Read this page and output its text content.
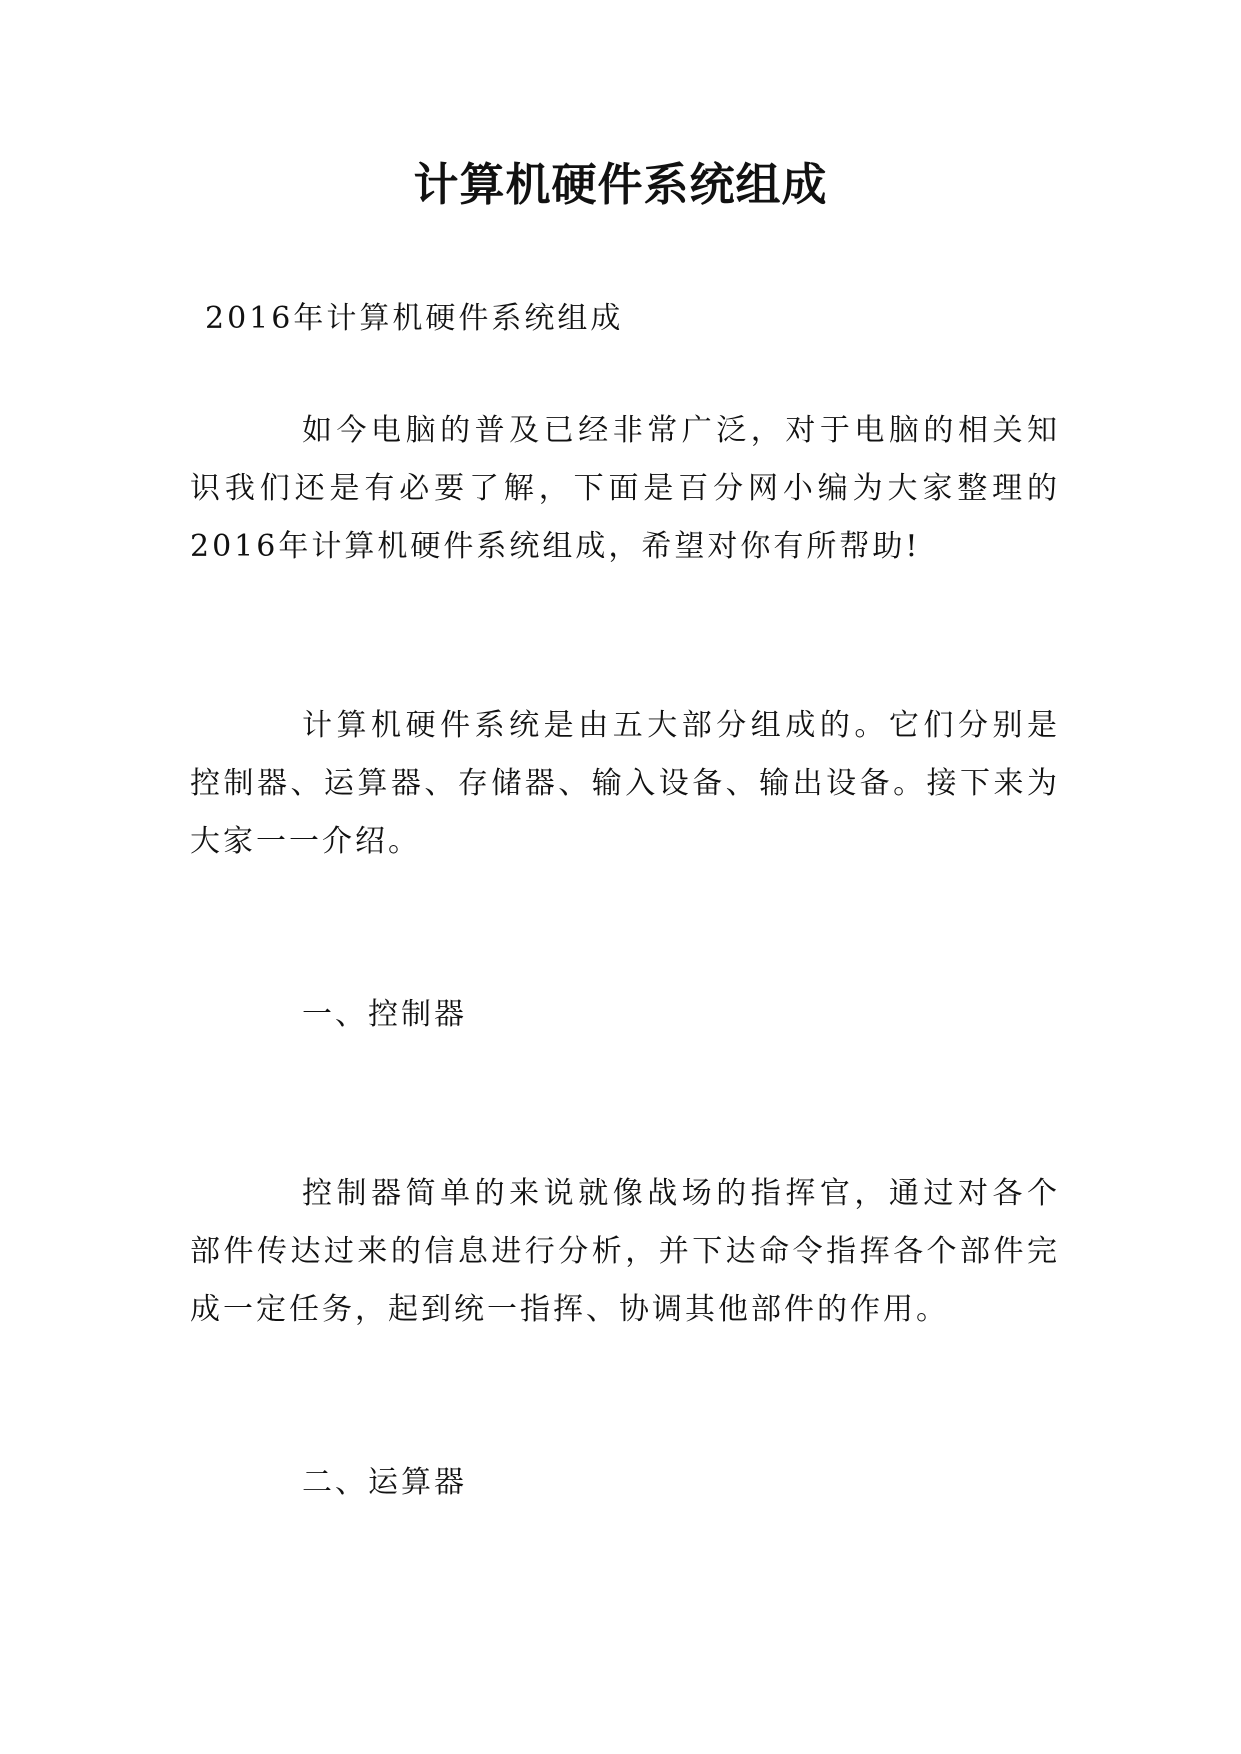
计算机硬件系统组成
2016年计算机硬件系统组成

如今电脑的普及已经非常广泛，对于电脑的相关知识我们还是有必要了解，下面是百分网小编为大家整理的2016年计算机硬件系统组成，希望对你有所帮助!

计算机硬件系统是由五大部分组成的。它们分别是控制器、运算器、存储器、输入设备、输出设备。接下来为大家一一介绍。

一、控制器

控制器简单的来说就像战场的指挥官，通过对各个部件传达过来的信息进行分析，并下达命令指挥各个部件完成一定任务，起到统一指挥、协调其他部件的作用。

二、运算器
